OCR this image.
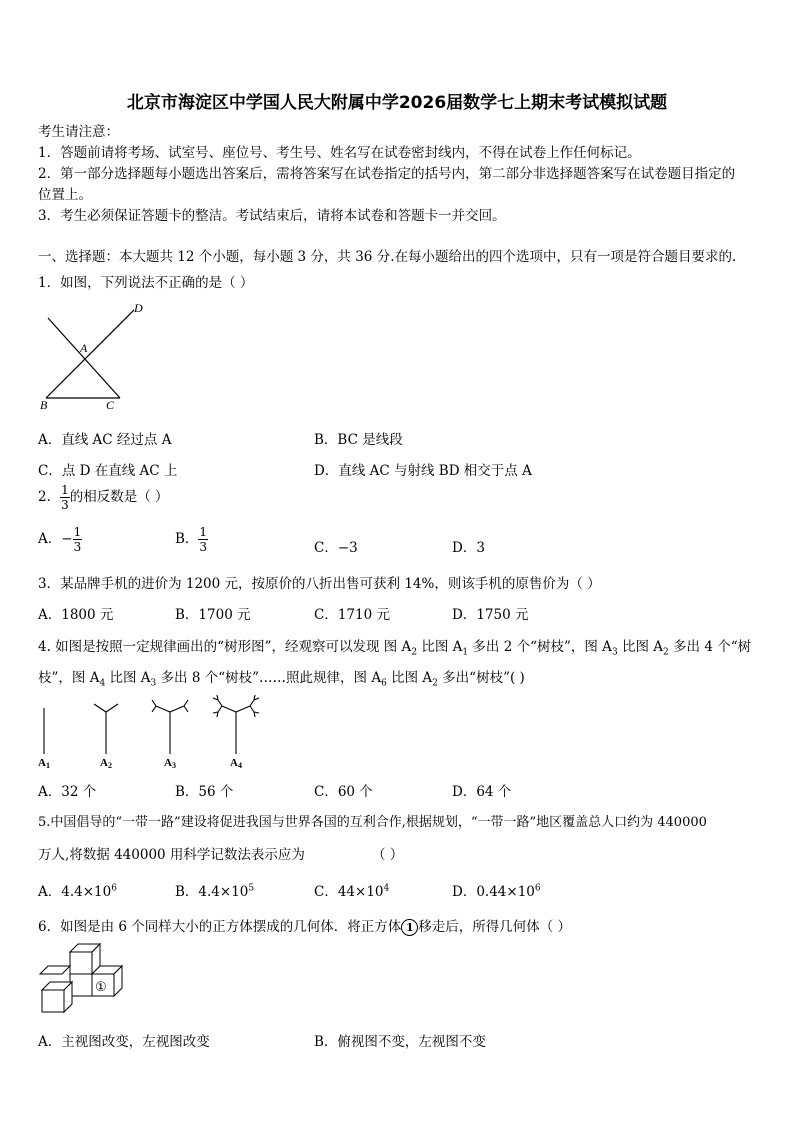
北京市海淀区中学国人民大附属中学2026届数学七上期末考试模拟试题
考生请注意：
1．答题前请将考场、试室号、座位号、考生号、姓名写在试卷密封线内，不得在试卷上作任何标记。
2．第一部分选择题每小题选出答案后，需将答案写在试卷指定的括号内，第二部分非选择题答案写在试卷题目指定的
位置上。
3．考生必须保证答题卡的整洁。考试结束后，请将本试卷和答题卡一并交回。
一、选择题：本大题共 12 个小题，每小题 3 分，共 36 分.在每小题给出的四个选项中，只有一项是符合题目要求的.
1．如图，下列说法不正确的是（ ）
D
A
B	C
A．直线 AC 经过点 A	B．BC 是线段
C．点 D 在直线 AC 上	D．直线 AC 与射线 BD 相交于点 A
2． $\frac{1}{3}$ 的相反数是（ ）
A．− $\frac{1}{3}$	B． $\frac{1}{3}$	C．−3	D．3
3．某品牌手机的进价为 1200 元，按原价的八折出售可获利 14%，则该手机的原售价为（ ）
A．1800 元	B．1700 元	C．1710 元	D．1750 元
4. 如图是按照一定规律画出的“树形图”，经观察可以发现 图 $A_2$ 比图 $A_1$ 多出 2 个“树枝”，图 $A_3$ 比图 $A_2$ 多出 4 个“树
枝”，图 $A_4$ 比图 $A_3$ 多出 8 个“树枝”……照此规律，图 $A_6$ 比图 $A_2$ 多出“树枝”( )
A1	A2	A3	A4
A．32 个	B．56 个	C．60 个	D．64 个
5.中国倡导的“一带一路”建设将促进我国与世界各国的互利合作,根据规划，“一带一路”地区覆盖总人口约为 440000
万人,将数据 440000 用科学记数法表示应为	（ ）
A．$4.4\times 10^6$	B．$4.4\times 10^5$	C．$44\times 10^4$	D．$0.44\times 10^6$
6．如图是由 6 个同样大小的正方体摆成的几何体．将正方体 1 移走后，所得几何体（ ）
①
A．主视图改变，左视图改变	B．俯视图不变，左视图不变
